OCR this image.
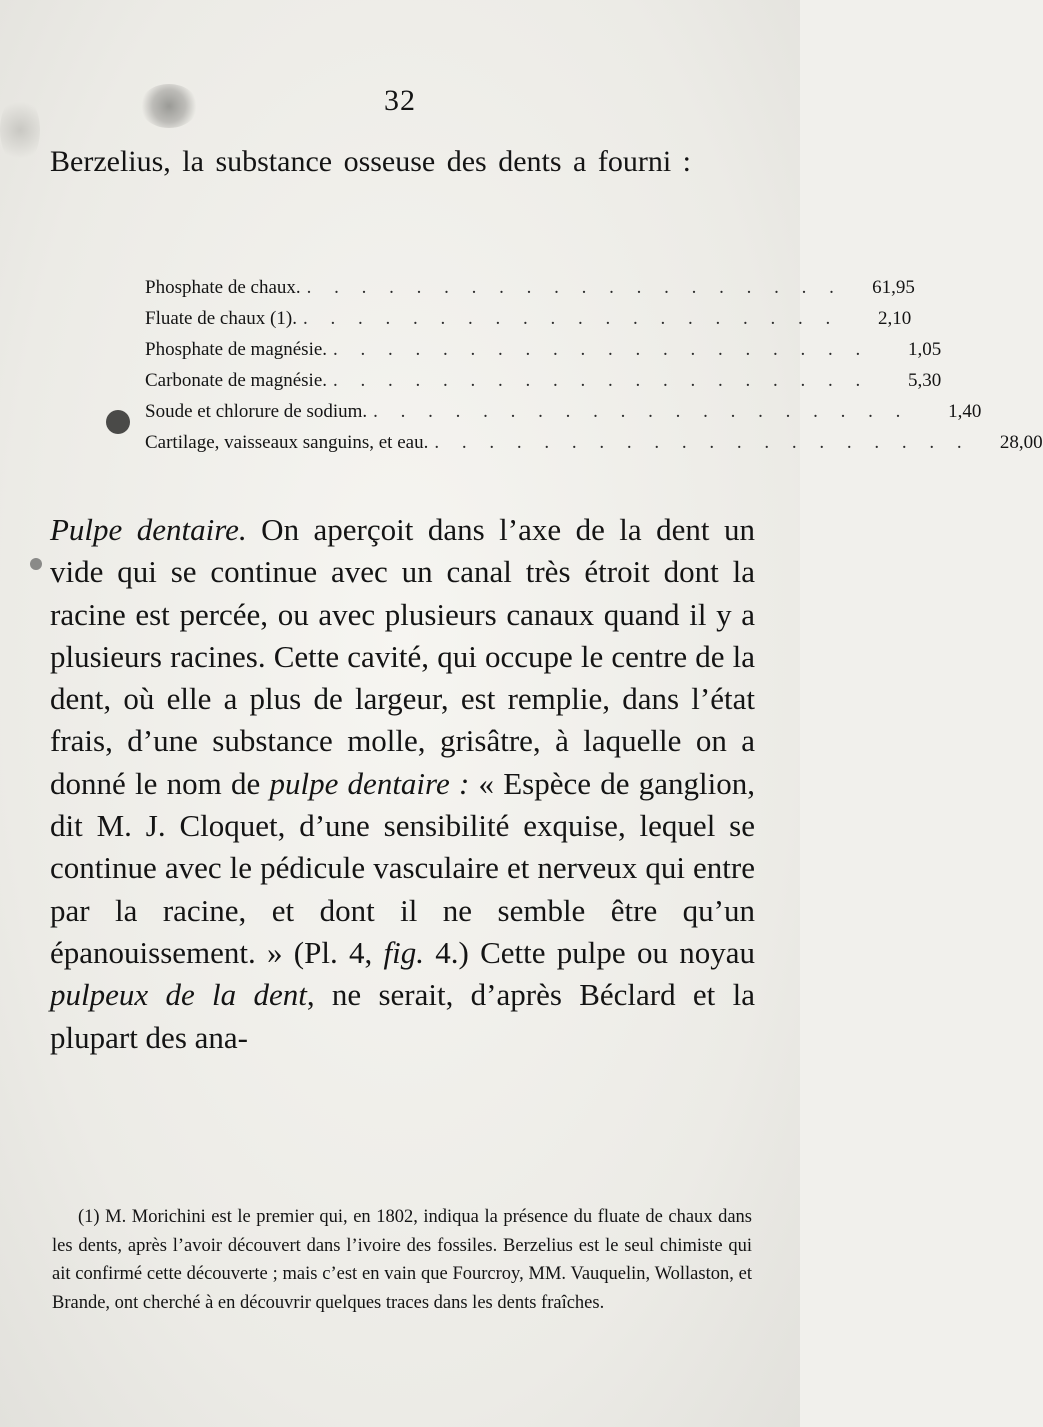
32

Berzelius, la substance osseuse des dents a fourni :

Phosphate de chaux. . . . . . . . . . . . . . . . . . . . .	61,95
Fluate de chaux (1). . . . . . . . . . . . . . . . . . . . .	2,10
Phosphate de magnésie. . . . . . . . . . . . . . . . . . . . .	1,05
Carbonate de magnésie. . . . . . . . . . . . . . . . . . . . .	5,30
Soude et chlorure de sodium. . . . . . . . . . . . . . . . . . . . .	1,40
Cartilage, vaisseaux sanguins, et eau. . . . . . . . . . . . . . . . . . . . .	28,00

Pulpe dentaire. On aperçoit dans l’axe de la dent un vide qui se continue avec un canal très étroit dont la racine est percée, ou avec plusieurs canaux quand il y a plusieurs racines. Cette cavité, qui occupe le centre de la dent, où elle a plus de largeur, est remplie, dans l’état frais, d’une substance molle, grisâtre, à laquelle on a donné le nom de pulpe dentaire : « Espèce de ganglion, dit M. J. Cloquet, d’une sensibilité exquise, lequel se continue avec le pédicule vasculaire et nerveux qui entre par la racine, et dont il ne semble être qu’un épanouissement. » (Pl. 4, fig. 4.) Cette pulpe ou noyau pulpeux de la dent, ne serait, d’après Béclard et la plupart des ana-

(1) M. Morichini est le premier qui, en 1802, indiqua la présence du fluate de chaux dans les dents, après l’avoir découvert dans l’ivoire des fossiles. Berzelius est le seul chimiste qui ait confirmé cette découverte ; mais c’est en vain que Fourcroy, MM. Vauquelin, Wollaston, et Brande, ont cherché à en découvrir quelques traces dans les dents fraîches.
